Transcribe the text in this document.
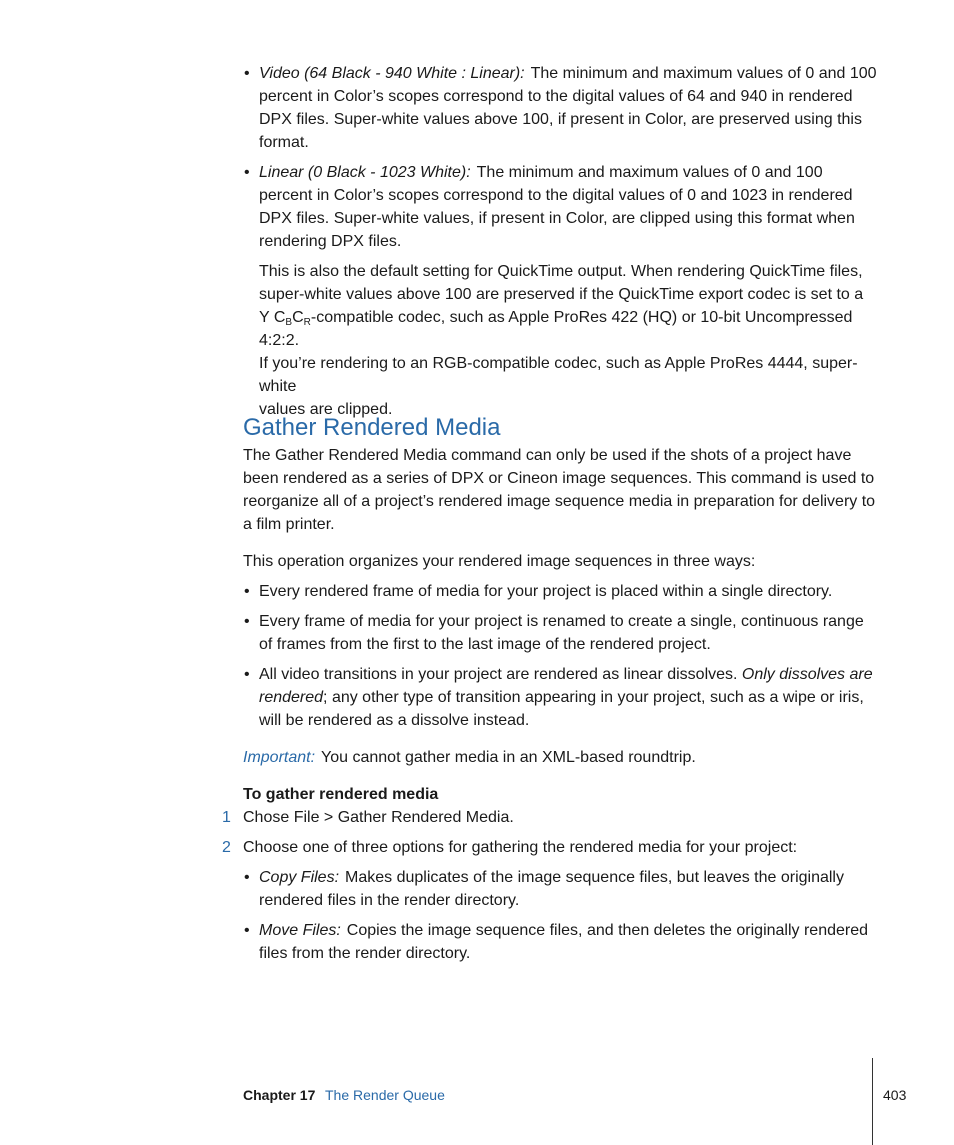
• Video (64 Black - 940 White : Linear): The minimum and maximum values of 0 and 100 percent in Color’s scopes correspond to the digital values of 64 and 940 in rendered DPX files. Super-white values above 100, if present in Color, are preserved using this format.
• Linear (0 Black - 1023 White): The minimum and maximum values of 0 and 100 percent in Color’s scopes correspond to the digital values of 0 and 1023 in rendered DPX files. Super-white values, if present in Color, are clipped using this format when rendering DPX files.
This is also the default setting for QuickTime output. When rendering QuickTime files,
super-white values above 100 are preserved if the QuickTime export codec is set to a
Y $C_BC_R$-compatible codec, such as Apple ProRes 422 (HQ) or 10-bit Uncompressed 4:2:2.
If you’re rendering to an RGB-compatible codec, such as Apple ProRes 4444, super-white
values are clipped.
Gather Rendered Media
The Gather Rendered Media command can only be used if the shots of a project have been rendered as a series of DPX or Cineon image sequences. This command is used to reorganize all of a project’s rendered image sequence media in preparation for delivery to a film printer.
This operation organizes your rendered image sequences in three ways:
• Every rendered frame of media for your project is placed within a single directory.
• Every frame of media for your project is renamed to create a single, continuous range of frames from the first to the last image of the rendered project.
• All video transitions in your project are rendered as linear dissolves. Only dissolves are rendered; any other type of transition appearing in your project, such as a wipe or iris, will be rendered as a dissolve instead.
Important: You cannot gather media in an XML-based roundtrip.
To gather rendered media
1 Chose File > Gather Rendered Media.
2 Choose one of three options for gathering the rendered media for your project:
• Copy Files: Makes duplicates of the image sequence files, but leaves the originally rendered files in the render directory.
• Move Files: Copies the image sequence files, and then deletes the originally rendered files from the render directory.
Chapter 17 The Render Queue	403
